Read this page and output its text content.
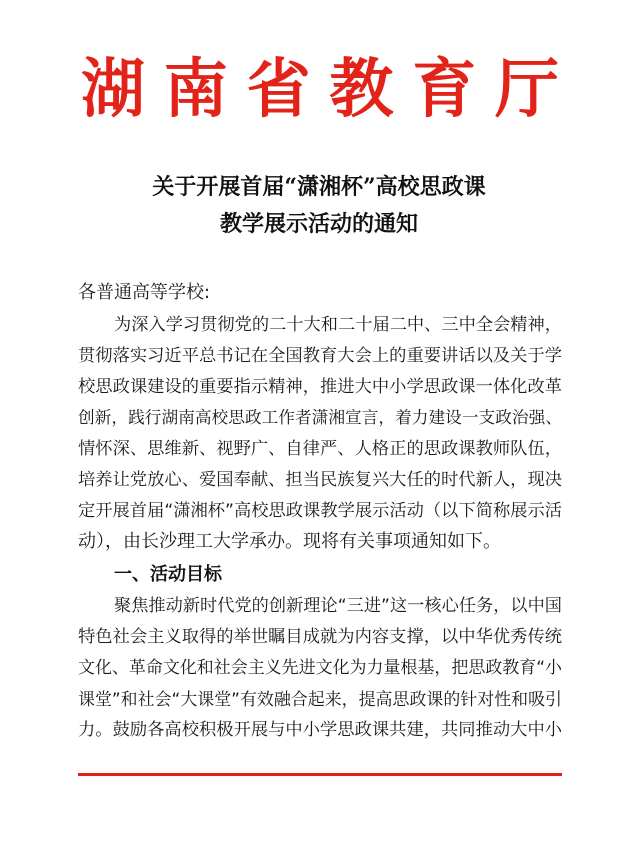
湖 南 省 教 育 厅
关于开展首届“潇湘杯”高校思政课
教学展示活动的通知
各普通高等学校:
为深入学习贯彻党的二十大和二十届二中、三中全会精神，
贯彻落实习近平总书记在全国教育大会上的重要讲话以及关于学
校思政课建设的重要指示精神，推进大中小学思政课一体化改革
创新，践行湖南高校思政工作者潇湘宣言，着力建设一支政治强、
情怀深、思维新、视野广、自律严、人格正的思政课教师队伍，
培养让党放心、爱国奉献、担当民族复兴大任的时代新人，现决
定开展首届“潇湘杯”高校思政课教学展示活动（以下简称展示活
动），由长沙理工大学承办。现将有关事项通知如下。
一、活动目标
聚焦推动新时代党的创新理论“三进”这一核心任务，以中国
特色社会主义取得的举世瞩目成就为内容支撑，以中华优秀传统
文化、革命文化和社会主义先进文化为力量根基，把思政教育“小
课堂”和社会“大课堂”有效融合起来，提高思政课的针对性和吸引
力。鼓励各高校积极开展与中小学思政课共建，共同推动大中小
